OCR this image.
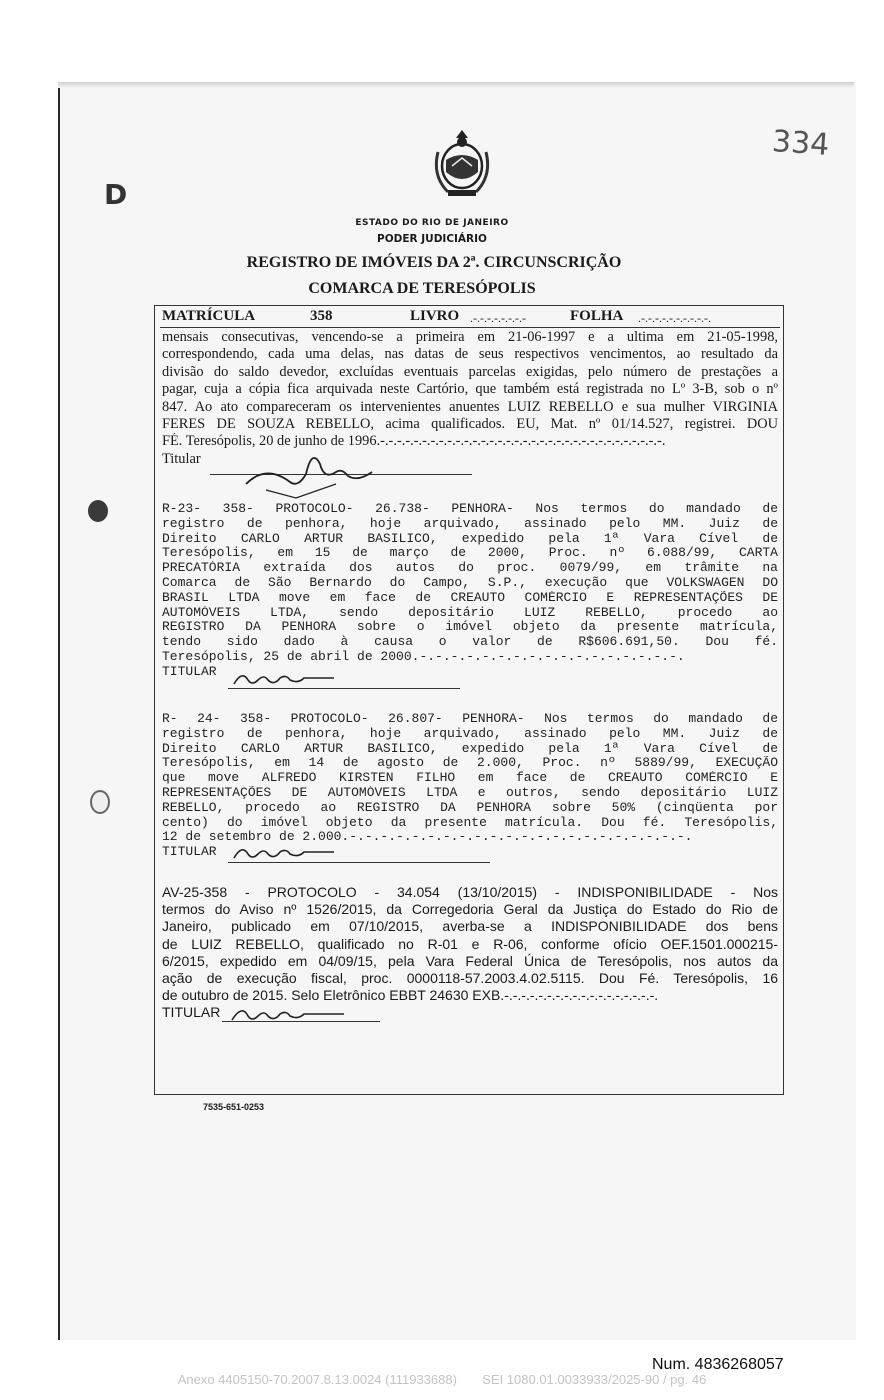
334
D
ESTADO DO RIO DE JANEIRO
PODER JUDICIÁRIO
REGISTRO DE IMÓVEIS DA 2ª. CIRCUNSCRIÇÃO
COMARCA DE TERESÓPOLIS
MATRÍCULA	358	LIVRO .-.-.-.-.-.-.-.-	FOLHA .-.-.-.-.-.-.-.-.-.-.
mensais consecutivas, vencendo-se a primeira em 21-06-1997 e a ultima em 21-05-1998,
correspondendo, cada uma delas, nas datas de seus respectivos vencimentos, ao resultado da
divisão do saldo devedor, excluídas eventuais parcelas exigidas, pelo número de prestações a
pagar, cuja a cópia fica arquivada neste Cartório, que também está registrada no Lº 3-B, sob o nº
847. Ao ato compareceram os intervenientes anuentes LUIZ REBELLO e sua mulher VIRGINIA
FERES DE SOUZA REBELLO, acima qualificados. EU, Mat. nº 01/14.527, registrei. DOU
FÉ. Teresópolis, 20 de junho de 1996.-.-.-.-.-.-.-.-.-.-.-.-.-.-.-.-.-.-.-.-.-.-.-.-.-.-.-.-.-.-.-.-.-.-.
Titular
R-23- 358- PROTOCOLO- 26.738- PENHORA- Nos termos do mandado de
registro de penhora, hoje arquivado, assinado pelo MM. Juiz de
Direito CARLO ARTUR BASILICO, expedido pela 1ª Vara Cível de
Teresópolis, em 15 de março de 2000, Proc. nº 6.088/99, CARTA
PRECATÓRIA extraída dos autos do proc. 0079/99, em trâmite na
Comarca de São Bernardo do Campo, S.P., execução que VOLKSWAGEN DO
BRASIL LTDA move em face de CREAUTO COMÉRCIO E REPRESENTAÇÕES DE
AUTOMÓVEIS LTDA, sendo depositário LUIZ REBELLO, procedo ao
REGISTRO DA PENHORA sobre o imóvel objeto da presente matrícula,
tendo sido dado à causa o valor de R$606.691,50. Dou fé.
Teresópolis, 25 de abril de 2000.-.-.-.-.-.-.-.-.-.-.-.-.-.-.-.-.-.
TITULAR
R- 24- 358- PROTOCOLO- 26.807- PENHORA- Nos termos do mandado de
registro de penhora, hoje arquivado, assinado pelo MM. Juiz de
Direito CARLO ARTUR BASILICO, expedido pela 1ª Vara Cível de
Teresópolis, em 14 de agosto de 2.000, Proc. nº 5889/99, EXECUÇÃO
que move ALFREDO KIRSTEN FILHO em face de CREAUTO COMÉRCIO E
REPRESENTAÇÕES DE AUTOMÓVEIS LTDA e outros, sendo depositário LUIZ
REBELLO, procedo ao REGISTRO DA PENHORA sobre 50% (cinqüenta por
cento) do imóvel objeto da presente matrícula. Dou fé. Teresópolis,
12 de setembro de 2.000.-.-.-.-.-.-.-.-.-.-.-.-.-.-.-.-.-.-.-.-.-.-.
TITULAR
AV-25-358 - PROTOCOLO - 34.054 (13/10/2015) - INDISPONIBILIDADE - Nos
termos do Aviso nº 1526/2015, da Corregedoria Geral da Justiça do Estado do Rio de
Janeiro, publicado em 07/10/2015, averba-se a INDISPONIBILIDADE dos bens
de LUIZ REBELLO, qualificado no R-01 e R-06, conforme ofício OEF.1501.000215-
6/2015, expedido em 04/09/15, pela Vara Federal Única de Teresópolis, nos autos da
ação de execução fiscal, proc. 0000118-57.2003.4.02.5115. Dou Fé. Teresópolis, 16
de outubro de 2015. Selo Eletrônico EBBT 24630 EXB.-.-.-.-.-.-.-.-.-.-.-.-.-.-.-.-.-.-.
TITULAR
7535-651-0253
Num. 4836268057
Anexo 4405150-70.2007.8.13.0024 (111933688)       SEI 1080.01.0033933/2025-90 / pg. 46
